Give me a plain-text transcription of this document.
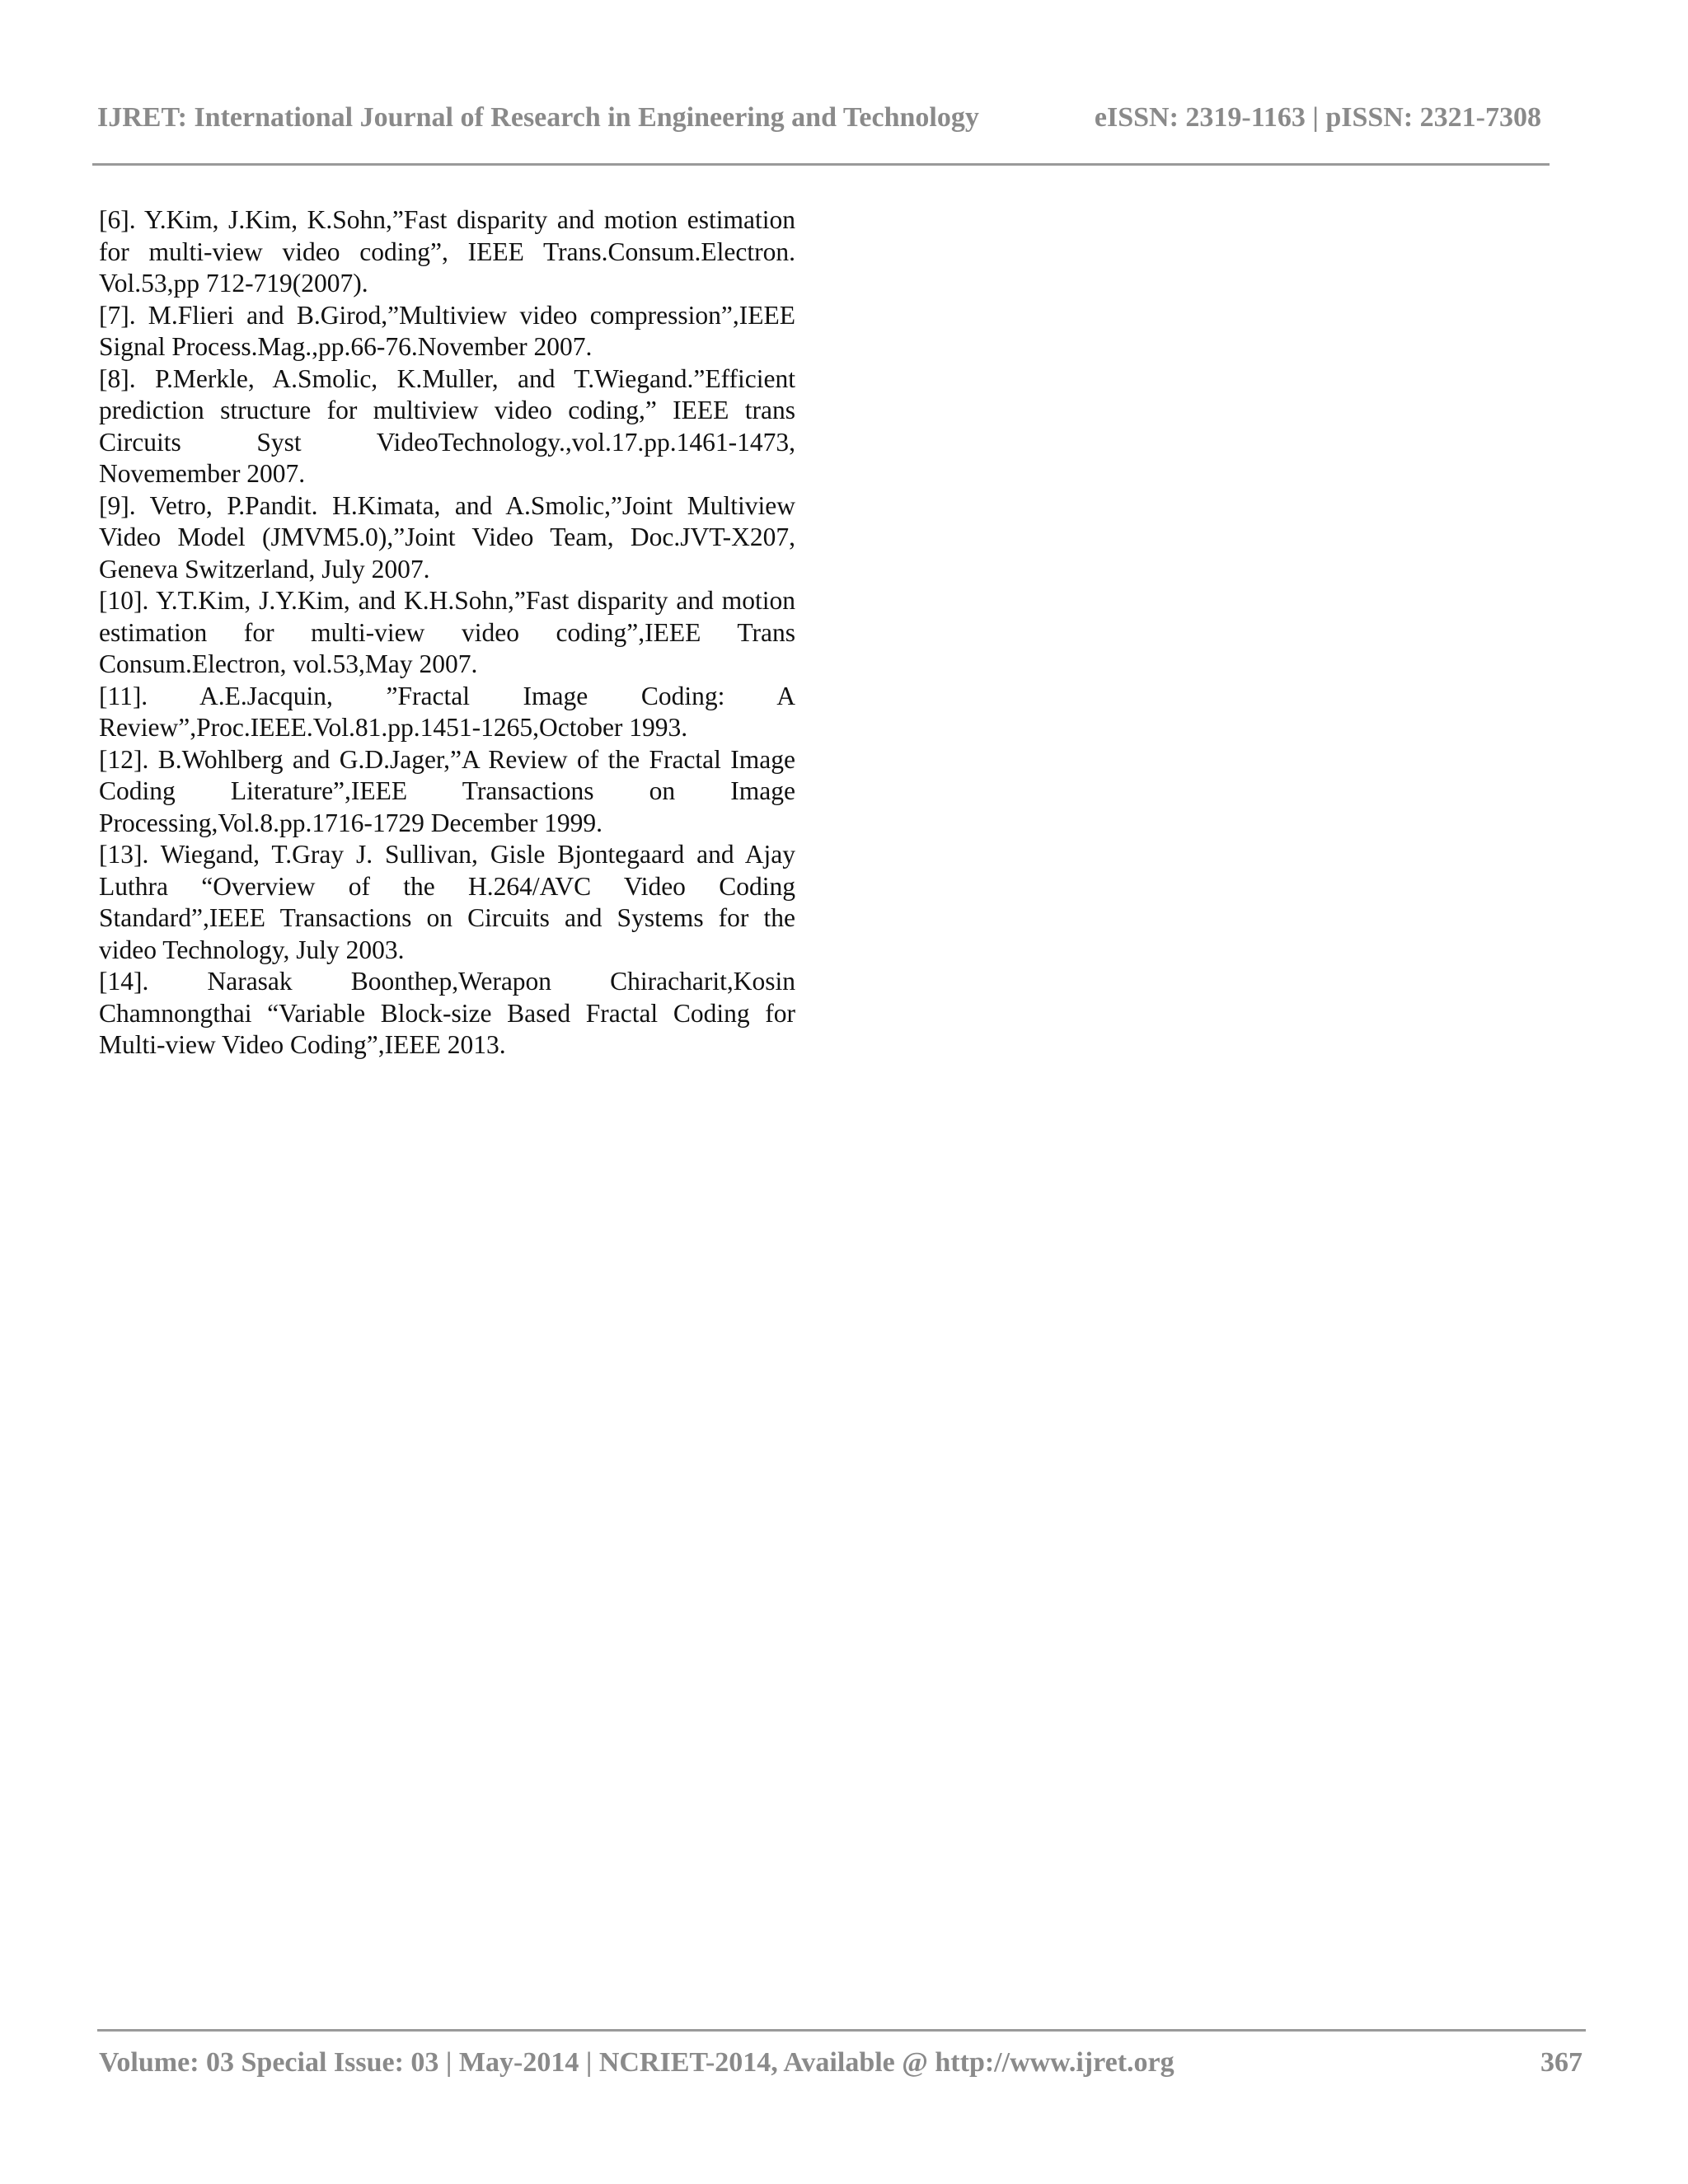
IJRET: International Journal of Research in Engineering and Technology	eISSN: 2319-1163 | pISSN: 2321-7308

[6]. Y.Kim, J.Kim, K.Sohn,”Fast disparity and motion estimation for multi-view video coding”, IEEE Trans.Consum.Electron. Vol.53,pp 712-719(2007).

[7]. M.Flieri and B.Girod,”Multiview video compression”,IEEE Signal Process.Mag.,pp.66-76.November 2007.

[8]. P.Merkle, A.Smolic, K.Muller, and T.Wiegand.”Efficient prediction structure for multiview video coding,” IEEE trans Circuits Syst VideoTechnology.,vol.17.pp.1461-1473, Novemember 2007.

[9]. Vetro, P.Pandit. H.Kimata, and A.Smolic,”Joint Multiview Video Model (JMVM5.0),”Joint Video Team, Doc.JVT-X207, Geneva Switzerland, July 2007.

[10]. Y.T.Kim, J.Y.Kim, and K.H.Sohn,”Fast disparity and motion estimation for multi-view video coding”,IEEE Trans Consum.Electron, vol.53,May 2007.

[11]. A.E.Jacquin, ”Fractal Image Coding: A Review”,Proc.IEEE.Vol.81.pp.1451-1265,October 1993.

[12]. B.Wohlberg and G.D.Jager,”A Review of the Fractal Image Coding Literature”,IEEE Transactions on Image Processing,Vol.8.pp.1716-1729 December 1999.

[13]. Wiegand, T.Gray J. Sullivan, Gisle Bjontegaard and Ajay Luthra “Overview of the H.264/AVC Video Coding Standard”,IEEE Transactions on Circuits and Systems for the video Technology, July 2003.

[14]. Narasak Boonthep,Werapon Chiracharit,Kosin Chamnongthai “Variable Block-size Based Fractal Coding for Multi-view Video Coding”,IEEE 2013.

Volume: 03 Special Issue: 03 | May-2014 | NCRIET-2014, Available @ http://www.ijret.org	367
